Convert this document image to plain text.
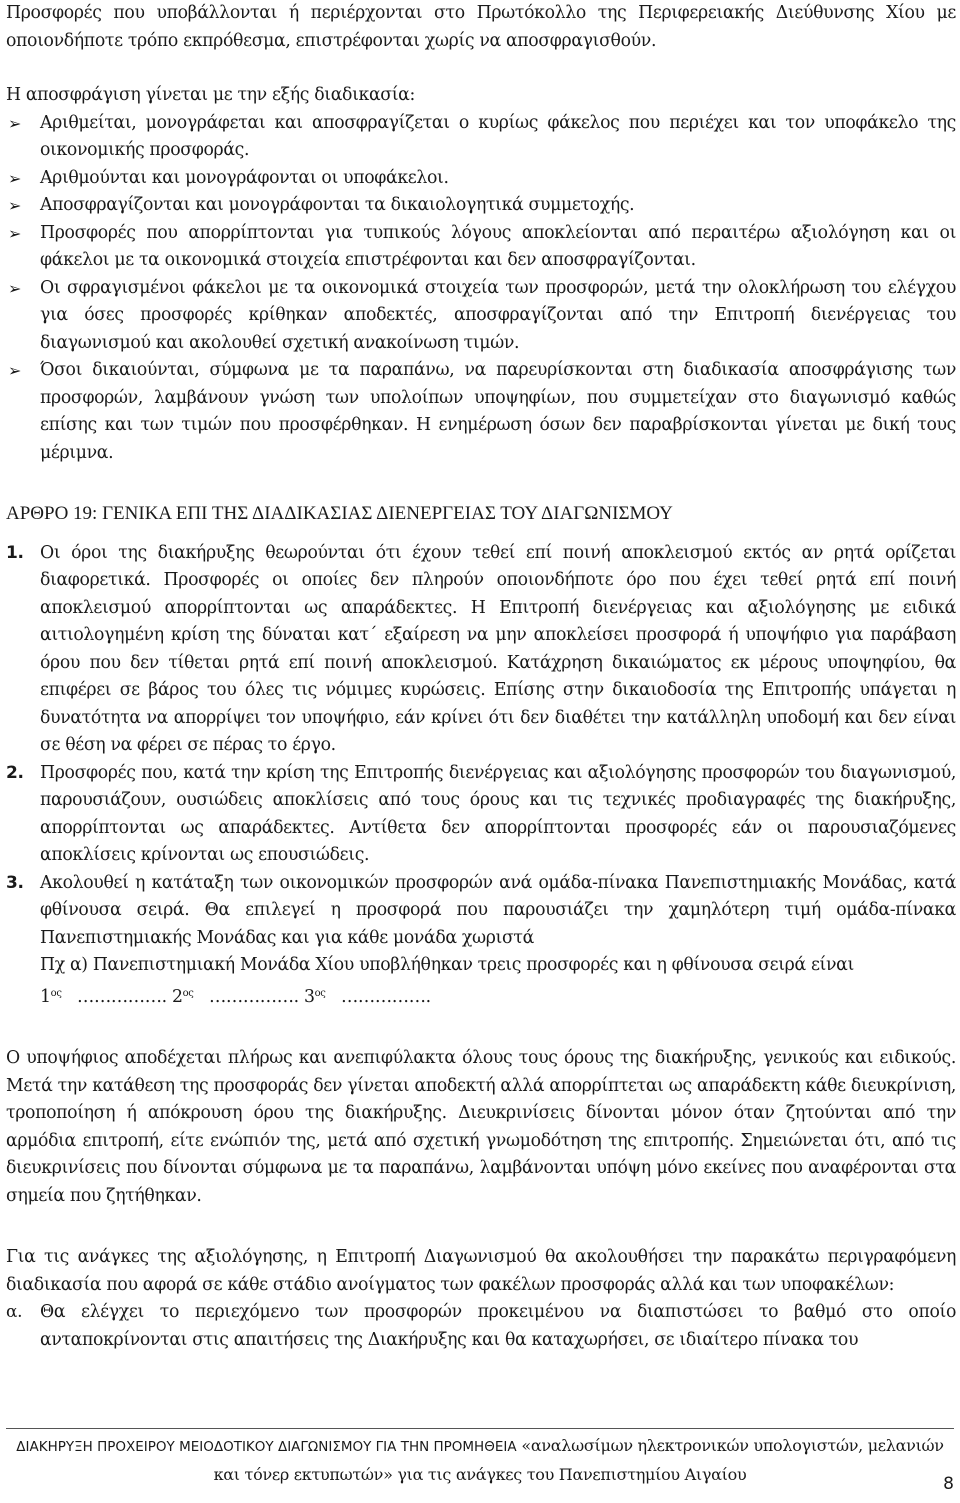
Προσφορές που υποβάλλονται ή περιέρχονται στο Πρωτόκολλο της Περιφερειακής Διεύθυνσης Χίου με οποιονδήποτε τρόπο εκπρόθεσμα, επιστρέφονται χωρίς να αποσφραγισθούν.

Η αποσφράγιση γίνεται με την εξής διαδικασία:

➢ Αριθμείται, μονογράφεται και αποσφραγίζεται ο κυρίως φάκελος που περιέχει και τον υποφάκελο της οικονομικής προσφοράς.
➢ Αριθμούνται και μονογράφονται οι υποφάκελοι.
➢ Αποσφραγίζονται και μονογράφονται τα δικαιολογητικά συμμετοχής.
➢ Προσφορές που απορρίπτονται για τυπικούς λόγους αποκλείονται από περαιτέρω αξιολόγηση και οι φάκελοι με τα οικονομικά στοιχεία επιστρέφονται και δεν αποσφραγίζονται.
➢ Οι σφραγισμένοι φάκελοι με τα οικονομικά στοιχεία των προσφορών, μετά την ολοκλήρωση του ελέγχου για όσες προσφορές κρίθηκαν αποδεκτές, αποσφραγίζονται από την Επιτροπή διενέργειας του διαγωνισμού και ακολουθεί σχετική ανακοίνωση τιμών.
➢ Όσοι δικαιούνται, σύμφωνα με τα παραπάνω, να παρευρίσκονται στη διαδικασία αποσφράγισης των προσφορών, λαμβάνουν γνώση των υπολοίπων υποψηφίων, που συμμετείχαν στο διαγωνισμό καθώς επίσης και των τιμών που προσφέρθηκαν. Η ενημέρωση όσων δεν παραβρίσκονται γίνεται με δική τους μέριμνα.

ΑΡΘΡΟ 19: ΓΕΝΙΚΑ ΕΠΙ ΤΗΣ ΔΙΑΔΙΚΑΣΙΑΣ ΔΙΕΝΕΡΓΕΙΑΣ ΤΟΥ ΔΙΑΓΩΝΙΣΜΟΥ

1. Οι όροι της διακήρυξης θεωρούνται ότι έχουν τεθεί επί ποινή αποκλεισμού εκτός αν ρητά ορίζεται διαφορετικά. Προσφορές οι οποίες δεν πληρούν οποιονδήποτε όρο που έχει τεθεί ρητά επί ποινή αποκλεισμού απορρίπτονται ως απαράδεκτες. Η Επιτροπή διενέργειας και αξιολόγησης με ειδικά αιτιολογημένη κρίση της δύναται κατ΄ εξαίρεση να μην αποκλείσει προσφορά ή υποψήφιο για παράβαση όρου που δεν τίθεται ρητά επί ποινή αποκλεισμού. Κατάχρηση δικαιώματος εκ μέρους υποψηφίου, θα επιφέρει σε βάρος του όλες τις νόμιμες κυρώσεις. Επίσης στην δικαιοδοσία της Επιτροπής υπάγεται η δυνατότητα να απορρίψει τον υποψήφιο, εάν κρίνει ότι δεν διαθέτει την κατάλληλη υποδομή και δεν είναι σε θέση να φέρει σε πέρας το έργο.
2. Προσφορές που, κατά την κρίση της Επιτροπής διενέργειας και αξιολόγησης προσφορών του διαγωνισμού, παρουσιάζουν, ουσιώδεις αποκλίσεις από τους όρους και τις τεχνικές προδιαγραφές της διακήρυξης, απορρίπτονται ως απαράδεκτες. Αντίθετα δεν απορρίπτονται προσφορές εάν οι παρουσιαζόμενες αποκλίσεις κρίνονται ως επουσιώδεις.
3. Ακολουθεί η κατάταξη των οικονομικών προσφορών ανά ομάδα-πίνακα Πανεπιστημιακής Μονάδας, κατά φθίνουσα σειρά. Θα επιλεγεί η προσφορά που παρουσιάζει την χαμηλότερη τιμή ομάδα-πίνακα Πανεπιστημιακής Μονάδας και για κάθε μονάδα χωριστά
Πχ α) Πανεπιστημιακή Μονάδα Χίου υποβλήθηκαν τρεις προσφορές και η φθίνουσα σειρά είναι
$1^{o\varsigma}$ ……………. $2^{o\varsigma}$ ……………. $3^{o\varsigma}$ …………….

Ο υποψήφιος αποδέχεται πλήρως και ανεπιφύλακτα όλους τους όρους της διακήρυξης, γενικούς και ειδικούς. Μετά την κατάθεση της προσφοράς δεν γίνεται αποδεκτή αλλά απορρίπτεται ως απαράδεκτη κάθε διευκρίνιση, τροποποίηση ή απόκρουση όρου της διακήρυξης. Διευκρινίσεις δίνονται μόνον όταν ζητούνται από την αρμόδια επιτροπή, είτε ενώπιόν της, μετά από σχετική γνωμοδότηση της επιτροπής. Σημειώνεται ότι, από τις διευκρινίσεις που δίνονται σύμφωνα με τα παραπάνω, λαμβάνονται υπόψη μόνο εκείνες που αναφέρονται στα σημεία που ζητήθηκαν.

Για τις ανάγκες της αξιολόγησης, η Επιτροπή Διαγωνισμού θα ακολουθήσει την παρακάτω περιγραφόμενη διαδικασία που αφορά σε κάθε στάδιο ανοίγματος των φακέλων προσφοράς αλλά και των υποφακέλων:

α. Θα ελέγχει το περιεχόμενο των προσφορών προκειμένου να διαπιστώσει το βαθμό στο οποίο ανταποκρίνονται στις απαιτήσεις της Διακήρυξης και θα καταχωρήσει, σε ιδιαίτερο πίνακα του
ΔΙΑΚΗΡΥΞΗ ΠΡΟΧΕΙΡΟΥ ΜΕΙΟΔΟΤΙΚΟΥ ΔΙΑΓΩΝΙΣΜΟΥ ΓΙΑ ΤΗΝ ΠΡΟΜΗΘΕΙΑ «αναλωσίμων ηλεκτρονικών υπολογιστών, μελανιών και τόνερ εκτυπωτών» για τις ανάγκες του Πανεπιστημίου Αιγαίου	8
